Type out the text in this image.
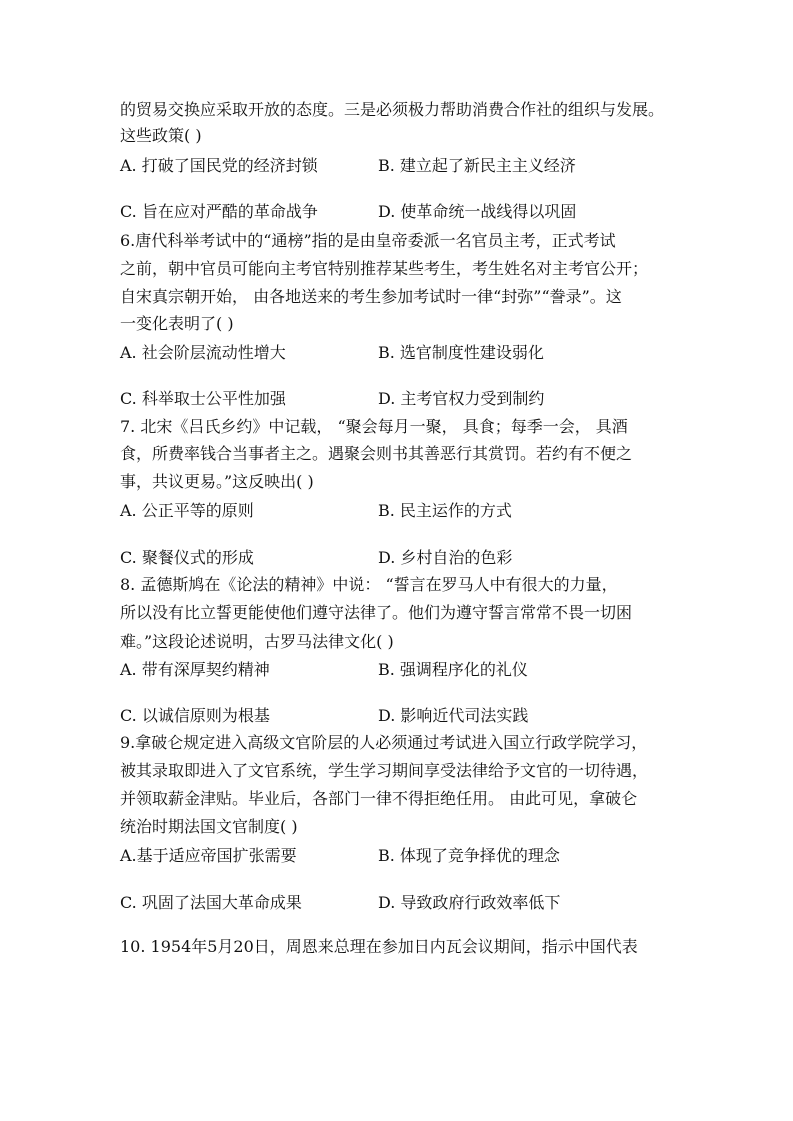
的贸易交换应采取开放的态度。三是必须极力帮助消费合作社的组织与发展。
这些政策( )
A. 打破了国民党的经济封锁	B. 建立起了新民主主义经济
C. 旨在应对严酷的革命战争	D. 使革命统一战线得以巩固
6.唐代科举考试中的“通榜”指的是由皇帝委派一名官员主考，正式考试
之前，朝中官员可能向主考官特别推荐某些考生，考生姓名对主考官公开；
自宋真宗朝开始， 由各地送来的考生参加考试时一律“封弥”“誊录”。这
一变化表明了( )
A. 社会阶层流动性增大	B. 选官制度性建设弱化
C. 科举取士公平性加强	D. 主考官权力受到制约
7. 北宋《吕氏乡约》中记载， “聚会每月一聚， 具食；每季一会， 具酒
食，所费率钱合当事者主之。遇聚会则书其善恶行其赏罚。若约有不便之
事，共议更易。”这反映出( )
A. 公正平等的原则	B. 民主运作的方式
C. 聚餐仪式的形成	D. 乡村自治的色彩
8. 孟德斯鸠在《论法的精神》中说： “誓言在罗马人中有很大的力量，
所以没有比立誓更能使他们遵守法律了。他们为遵守誓言常常不畏一切困
难。”这段论述说明，古罗马法律文化( )
A. 带有深厚契约精神	B. 强调程序化的礼仪
C. 以诚信原则为根基	D. 影响近代司法实践
9.拿破仑规定进入高级文官阶层的人必须通过考试进入国立行政学院学习，
被其录取即进入了文官系统，学生学习期间享受法律给予文官的一切待遇，
并领取薪金津贴。毕业后，各部门一律不得拒绝任用。 由此可见，拿破仑
统治时期法国文官制度( )
A.基于适应帝国扩张需要	B. 体现了竞争择优的理念
C. 巩固了法国大革命成果	D. 导致政府行政效率低下
10. 1954年5月20日，周恩来总理在参加日内瓦会议期间，指示中国代表
